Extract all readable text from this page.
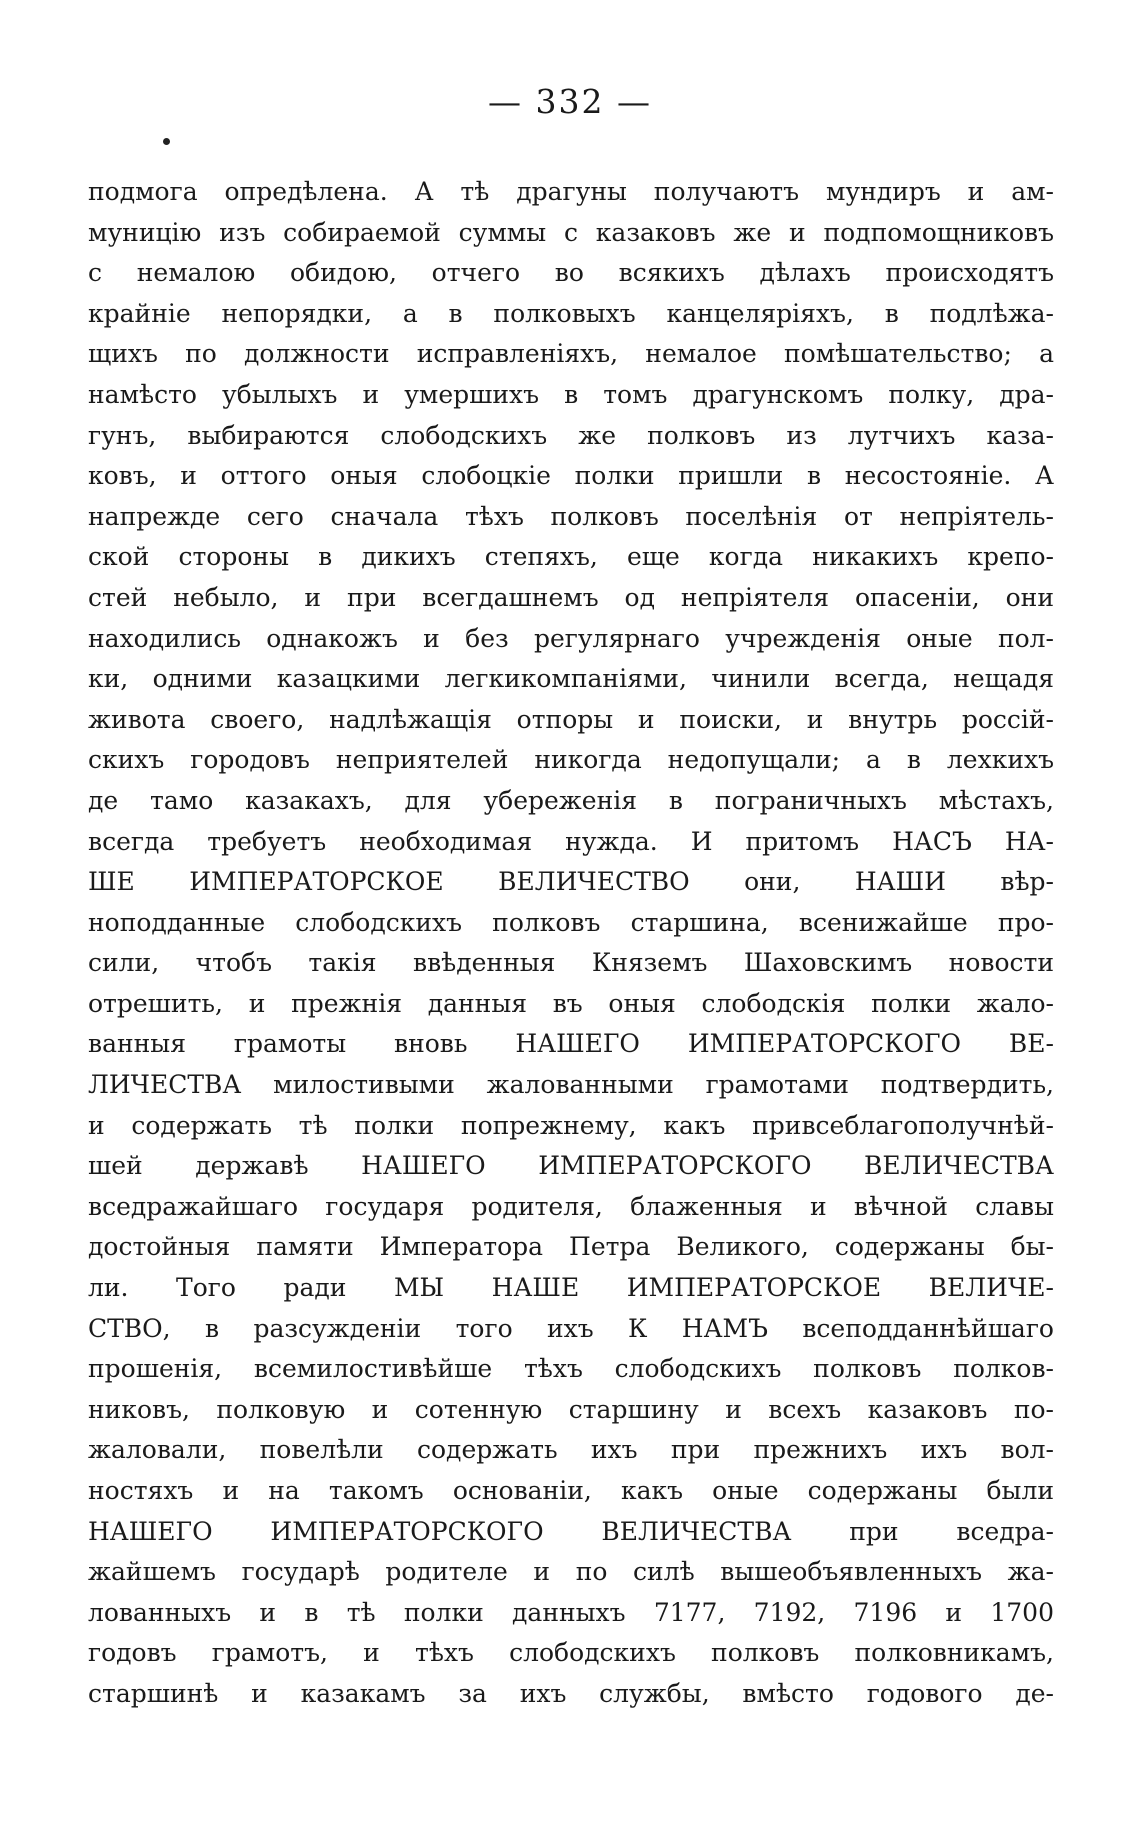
— 332 —
подмога опредѣлена. А тѣ драгуны получаютъ мундиръ и ам-
муницію изъ собираемой суммы с казаковъ же и подпомощниковъ
с немалою обидою, отчего во всякихъ дѣлахъ происходятъ
крайніе непорядки, а в полковыхъ канцеляріяхъ, в подлѣжа-
щихъ по должности исправленіяхъ, немалое помѣшательство; а
намѣсто убылыхъ и умершихъ в томъ драгунскомъ полку, дра-
гунъ, выбираются слободскихъ же полковъ из лутчихъ каза-
ковъ, и оттого оныя слобоцкіе полки пришли в несостояніе. А
напрежде сего сначала тѣхъ полковъ поселѣнія от непріятель-
ской стороны в дикихъ степяхъ, еще когда никакихъ крепо-
стей небыло, и при всегдашнемъ од непріятеля опасеніи, они
находились однакожъ и без регулярнаго учрежденія оные пол-
ки, одними казацкими легкикомпаніями, чинили всегда, нещадя
живота своего, надлѣжащія отпоры и поиски, и внутрь россій-
скихъ городовъ неприятелей никогда недопущали; а в лехкихъ
де тамо казакахъ, для убереженія в пограничныхъ мѣстахъ,
всегда требуетъ необходимая нужда. И притомъ НАСЪ НА-
ШЕ ИМПЕРАТОРСКОЕ ВЕЛИЧЕСТВО они, НАШИ вѣр-
ноподданные слободскихъ полковъ старшина, всенижайше про-
сили, чтобъ такія ввѣденныя Княземъ Шаховскимъ новости
отрешить, и прежнія данныя въ оныя слободскія полки жало-
ванныя грамоты вновь НАШЕГО ИМПЕРАТОРСКОГО ВЕ-
ЛИЧЕСТВА милостивыми жалованными грамотами подтвердить,
и содержать тѣ полки попрежнему, какъ привсеблагополучнѣй-
шей державѣ НАШЕГО ИМПЕРАТОРСКОГО ВЕЛИЧЕСТВА
вседражайшаго государя родителя, блаженныя и вѣчной славы
достойныя памяти Императора Петра Великого, содержаны бы-
ли. Того ради МЫ НАШЕ ИМПЕРАТОРСКОЕ ВЕЛИЧЕ-
СТВО, в разсужденіи того ихъ К НАМЪ всеподданнѣйшаго
прошенія, всемилостивѣйше тѣхъ слободскихъ полковъ полков-
никовъ, полковую и сотенную старшину и всехъ казаковъ по-
жаловали, повелѣли содержать ихъ при прежнихъ ихъ вол-
ностяхъ и на такомъ основаніи, какъ оные содержаны были
НАШЕГО ИМПЕРАТОРСКОГО ВЕЛИЧЕСТВА при вседра-
жайшемъ государѣ родителе и по силѣ вышеобъявленныхъ жа-
лованныхъ и в тѣ полки данныхъ 7177, 7192, 7196 и 1700
годовъ грамотъ, и тѣхъ слободскихъ полковъ полковникамъ,
старшинѣ и казакамъ за ихъ службы, вмѣсто годового де-
